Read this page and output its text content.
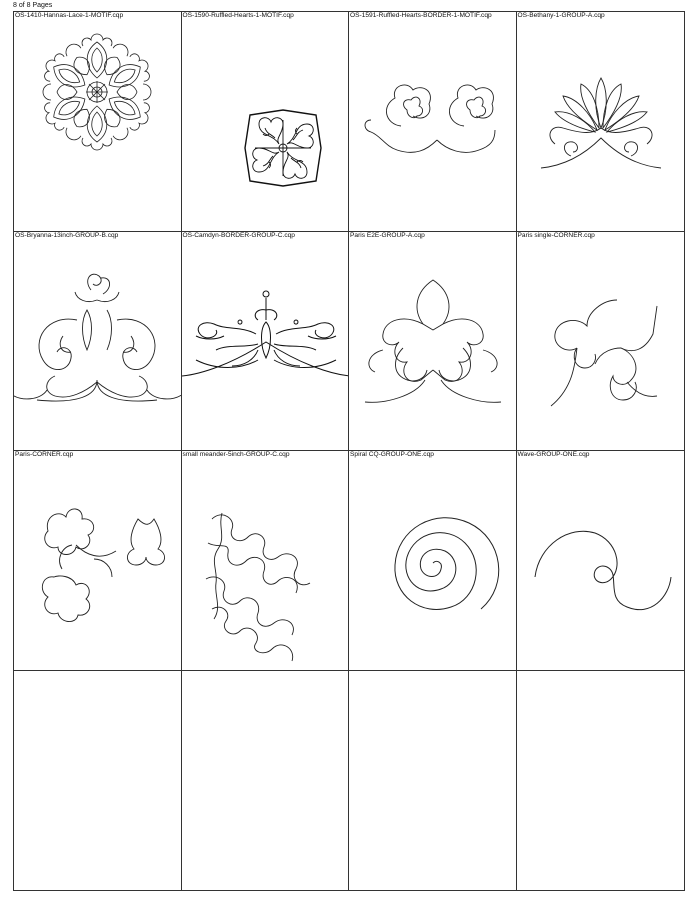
8 of 8 Pages
OS-1410-Hannas-Lace-1-MOTIF.cqp	OS-1590-Ruffled-Hearts-1-MOTIF.cqp	OS-1591-Ruffled-Hearts-BORDER-1-MOTIF.cqp	OS-Bethany-1-GROUP-A.cqp
OS-Bryanna-13inch-GROUP-B.cqp	OS-Camdyn-BORDER-GROUP-C.cqp	Paris E2E-GROUP-A.cqp	Paris single-CORNER.cqp
Paris-CORNER.cqp	small meander-5inch-GROUP-C.cqp	Spiral CQ-GROUP-ONE.cqp	Wave-GROUP-ONE.cqp
